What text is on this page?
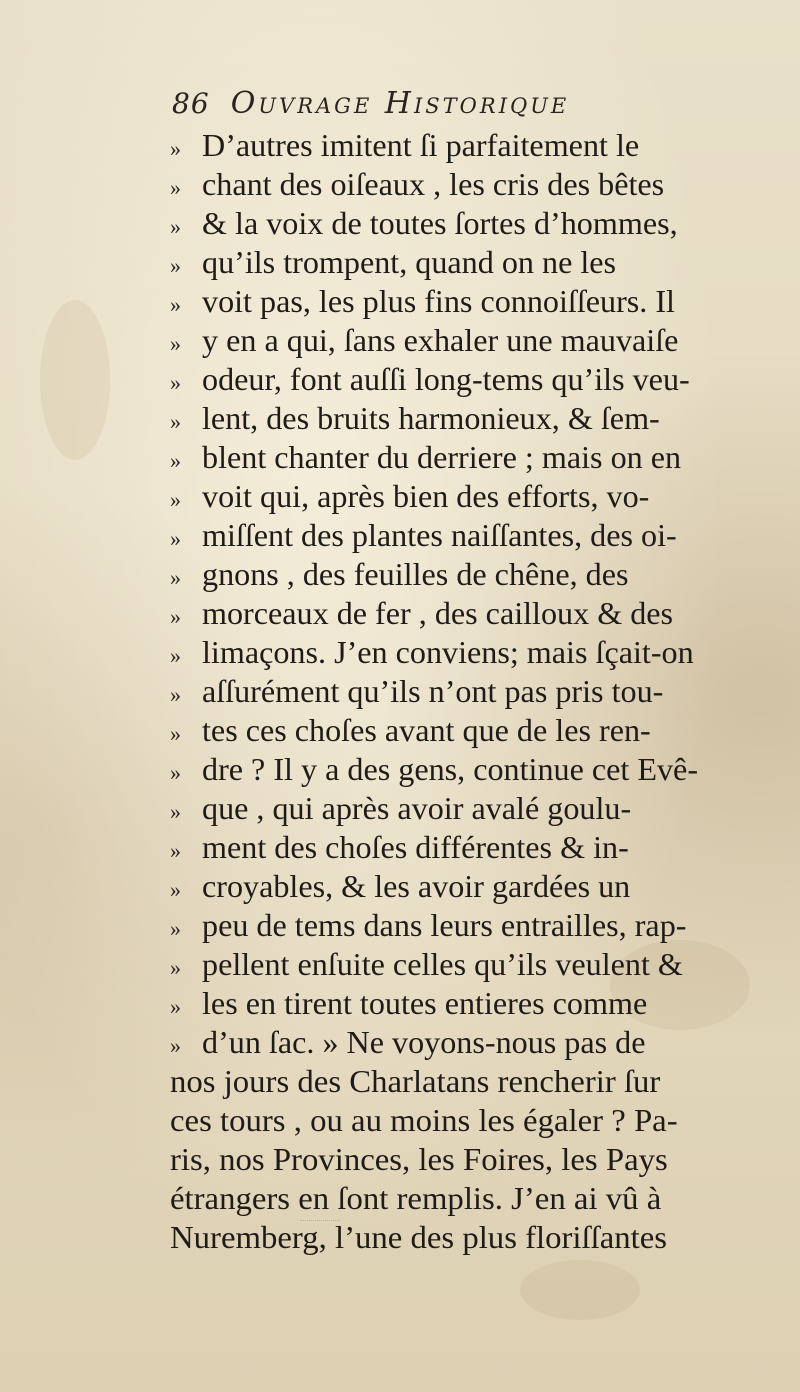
86 Ouvrage Historique
» D’autres imitent ſi parfaitement le
» chant des oiſeaux , les cris des bêtes
» & la voix de toutes ſortes d’hommes,
» qu’ils trompent, quand on ne les
» voit pas, les plus fins connoiſſeurs. Il
» y en a qui, ſans exhaler une mauvaiſe
» odeur, font auſſi long-tems qu’ils veu-
» lent, des bruits harmonieux, & ſem-
» blent chanter du derriere ; mais on en
» voit qui, après bien des efforts, vo-
» miſſent des plantes naiſſantes, des oi-
» gnons , des feuilles de chêne, des
» morceaux de fer , des cailloux & des
» limaçons. J’en conviens; mais ſçait-on
» aſſurément qu’ils n’ont pas pris tou-
» tes ces choſes avant que de les ren-
» dre ? Il y a des gens, continue cet Evê-
» que , qui après avoir avalé goulu-
» ment des choſes différentes & in-
» croyables, & les avoir gardées un
» peu de tems dans leurs entrailles, rap-
» pellent enſuite celles qu’ils veulent &
» les en tirent toutes entieres comme
» d’un ſac. » Ne voyons-nous pas de
nos jours des Charlatans rencherir ſur
ces tours , ou au moins les égaler ? Pa-
ris, nos Provinces, les Foires, les Pays
étrangers en ſont remplis. J’en ai vû à
Nuremberg, l’une des plus floriſſantes
